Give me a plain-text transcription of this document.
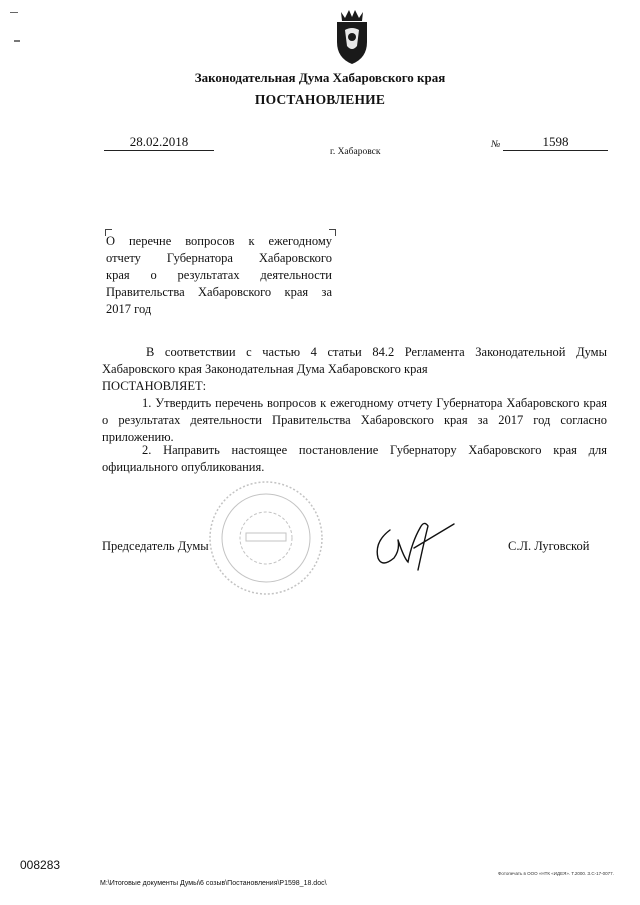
Законодательная Дума Хабаровского края
ПОСТАНОВЛЕНИЕ
28.02.2018
г. Хабаровск
№	1598
О перечне вопросов к ежегодному
отчету Губернатора Хабаровского
края о результатах деятельности
Правительства Хабаровского края за
2017 год
В соответствии с частью 4 статьи 84.2 Регламента Законодательной Думы Хабаровского края Законодательная Дума Хабаровского края
ПОСТАНОВЛЯЕТ:
1. Утвердить перечень вопросов к ежегодному отчету Губернатора Хабаровского края о результатах деятельности Правительства Хабаровского края за 2017 год согласно приложению.
2. Направить настоящее постановление Губернатору Хабаровского края для официального опубликования.
Председатель Думы	С.Л. Луговской
008283
M:\Итоговые документы Думы\6 созыв\Постановления\Р1598_18.doc\
Фотопечать в ООО «НТК «ИДЕЯ». Т.2000. З.С-17-0077.
